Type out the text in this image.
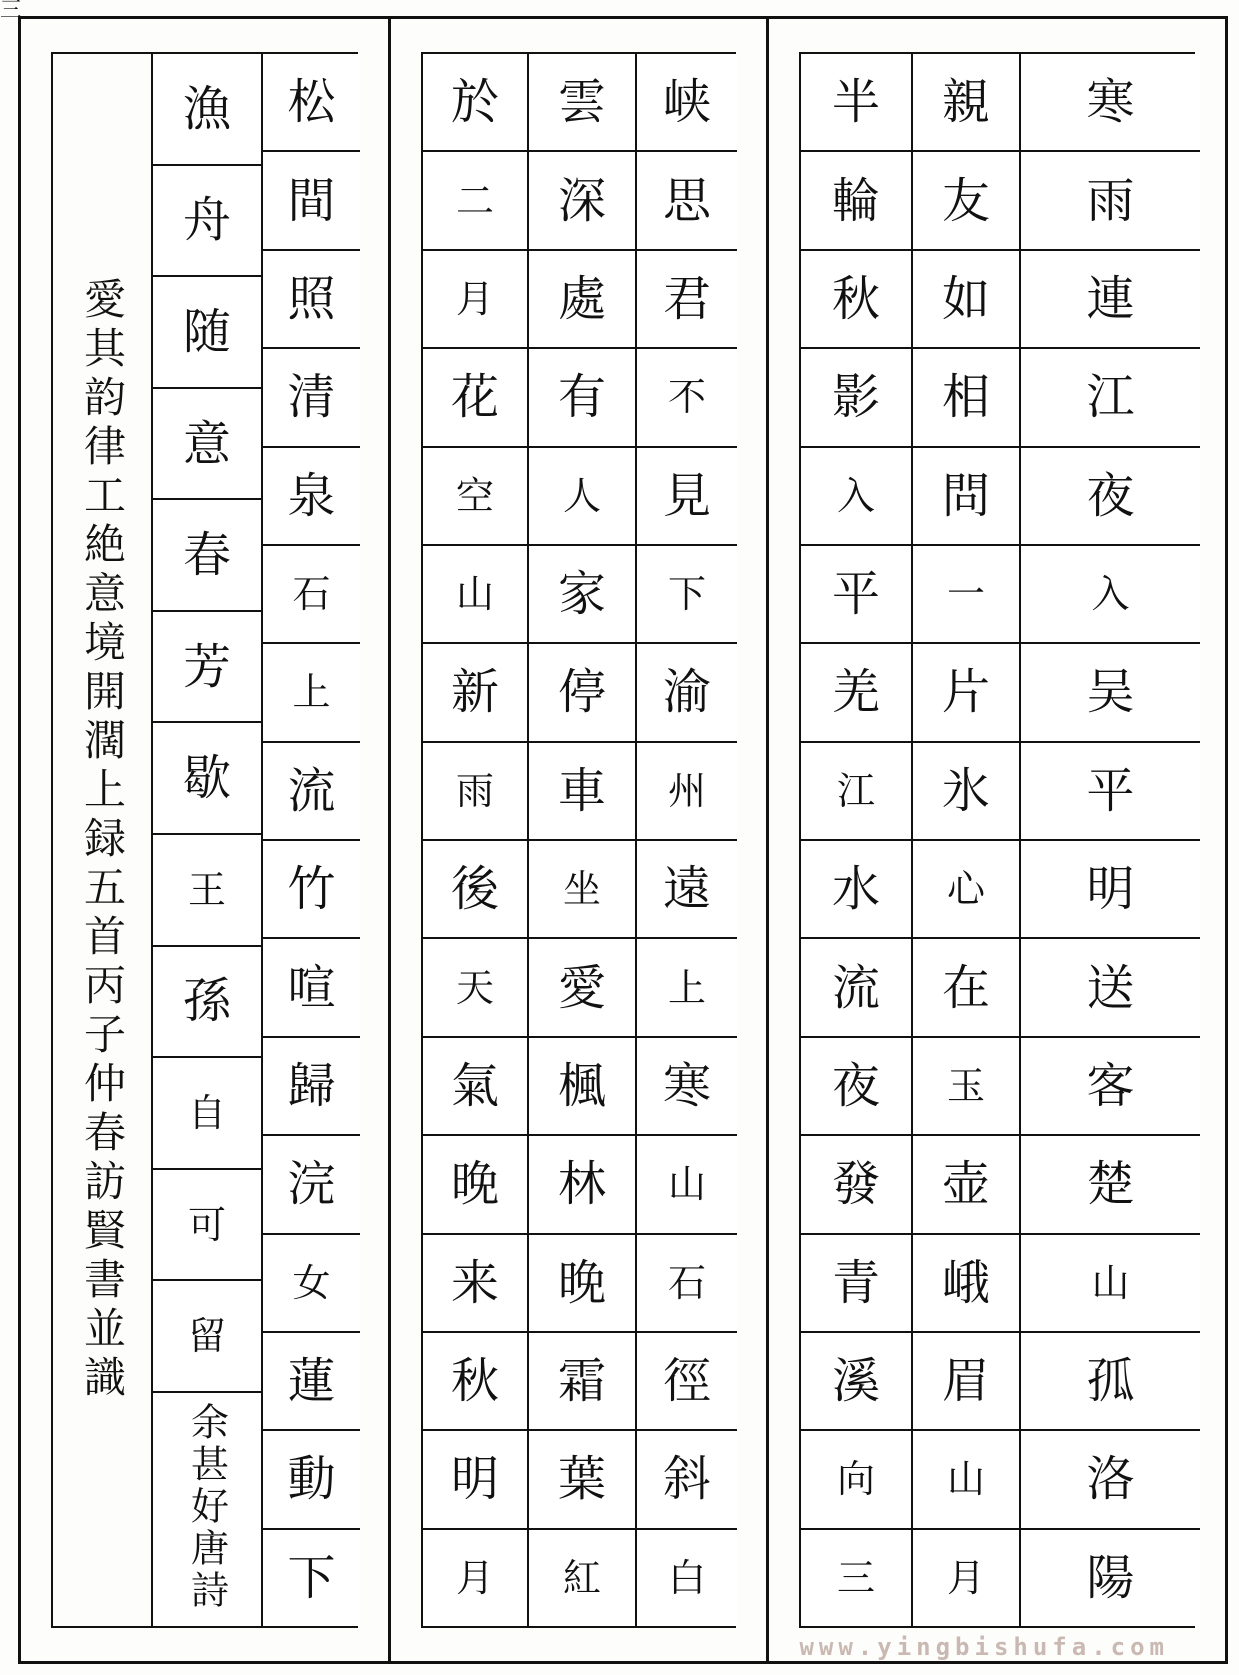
三
愛其韵律工絶意境開濶上録五首丙子仲春訪賢書並識
漁
舟
随
意
春
芳
歇
王
孫
自
可
留
余甚好唐詩
松
間
照
清
泉
石
上
流
竹
喧
歸
浣
女
蓮
動
下
於
二
月
花
空
山
新
雨
後
天
氣
晚
来
秋
明
月
雲
深
處
有
人
家
停
車
坐
愛
楓
林
晚
霜
葉
紅
峡
思
君
不
見
下
渝
州
遠
上
寒
山
石
徑
斜
白
半
輪
秋
影
入
平
羌
江
水
流
夜
發
青
溪
向
三
親
友
如
相
問
一
片
氷
心
在
玉
壶
峨
眉
山
月
寒
雨
連
江
夜
入
吴
平
明
送
客
楚
山
孤
洛
陽
www.yingbishufa.com
